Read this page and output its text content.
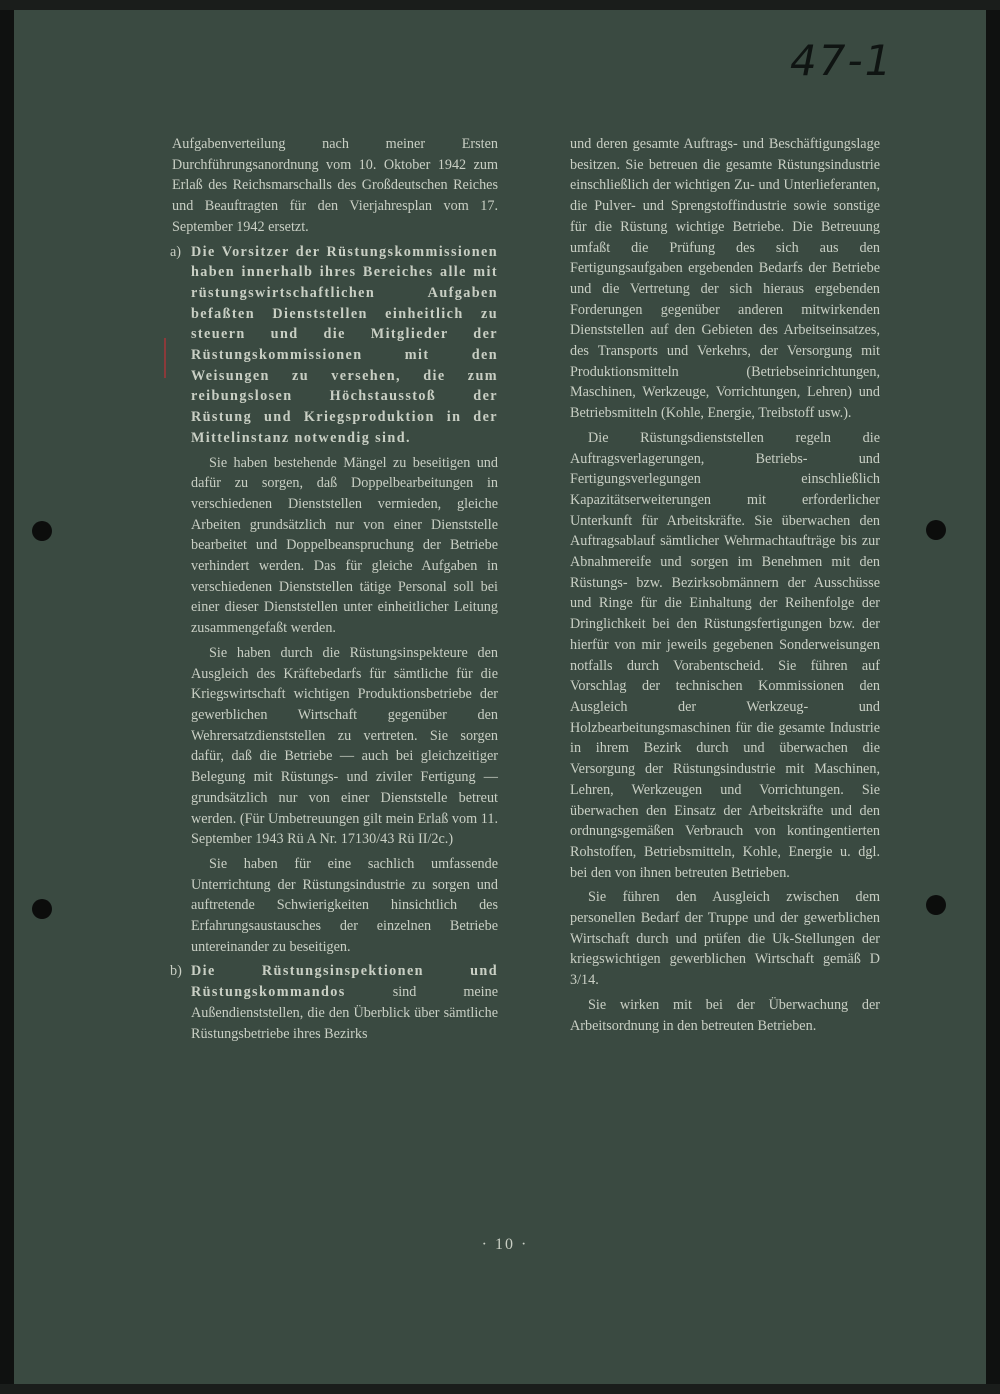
47-1

Aufgabenverteilung nach meiner Ersten Durchführungsanordnung vom 10. Oktober 1942 zum Erlaß des Reichsmarschalls des Großdeutschen Reiches und Beauftragten für den Vierjahresplan vom 17. September 1942 ersetzt.

a) Die Vorsitzer der Rüstungskommissionen haben innerhalb ihres Bereiches alle mit rüstungswirtschaftlichen Aufgaben befaßten Dienststellen einheitlich zu steuern und die Mitglieder der Rüstungskommissionen mit den Weisungen zu versehen, die zum reibungslosen Höchstausstoß der Rüstung und Kriegsproduktion in der Mittelinstanz notwendig sind.

Sie haben bestehende Mängel zu beseitigen und dafür zu sorgen, daß Doppelbearbeitungen in verschiedenen Dienststellen vermieden, gleiche Arbeiten grundsätzlich nur von einer Dienststelle bearbeitet und Doppelbeanspruchung der Betriebe verhindert werden. Das für gleiche Aufgaben in verschiedenen Dienststellen tätige Personal soll bei einer dieser Dienststellen unter einheitlicher Leitung zusammengefaßt werden.

Sie haben durch die Rüstungsinspekteure den Ausgleich des Kräftebedarfs für sämtliche für die Kriegswirtschaft wichtigen Produktionsbetriebe der gewerblichen Wirtschaft gegenüber den Wehrersatzdienststellen zu vertreten. Sie sorgen dafür, daß die Betriebe — auch bei gleichzeitiger Belegung mit Rüstungs- und ziviler Fertigung — grundsätzlich nur von einer Dienststelle betreut werden. (Für Umbetreuungen gilt mein Erlaß vom 11. September 1943 Rü A Nr. 17130/43 Rü II/2c.)

Sie haben für eine sachlich umfassende Unterrichtung der Rüstungsindustrie zu sorgen und auftretende Schwierigkeiten hinsichtlich des Erfahrungsaustausches der einzelnen Betriebe untereinander zu beseitigen.

b) Die Rüstungsinspektionen und Rüstungskommandos sind meine Außendienststellen, die den Überblick über sämtliche Rüstungsbetriebe ihres Bezirks

und deren gesamte Auftrags- und Beschäftigungslage besitzen. Sie betreuen die gesamte Rüstungsindustrie einschließlich der wichtigen Zu- und Unterlieferanten, die Pulver- und Sprengstoffindustrie sowie sonstige für die Rüstung wichtige Betriebe. Die Betreuung umfaßt die Prüfung des sich aus den Fertigungsaufgaben ergebenden Bedarfs der Betriebe und die Vertretung der sich hieraus ergebenden Forderungen gegenüber anderen mitwirkenden Dienststellen auf den Gebieten des Arbeitseinsatzes, des Transports und Verkehrs, der Versorgung mit Produktionsmitteln (Betriebseinrichtungen, Maschinen, Werkzeuge, Vorrichtungen, Lehren) und Betriebsmitteln (Kohle, Energie, Treibstoff usw.).

Die Rüstungsdienststellen regeln die Auftragsverlagerungen, Betriebs- und Fertigungsverlegungen einschließlich Kapazitätserweiterungen mit erforderlicher Unterkunft für Arbeitskräfte. Sie überwachen den Auftragsablauf sämtlicher Wehrmachtaufträge bis zur Abnahmereife und sorgen im Benehmen mit den Rüstungs- bzw. Bezirksobmännern der Ausschüsse und Ringe für die Einhaltung der Reihenfolge der Dringlichkeit bei den Rüstungsfertigungen bzw. der hierfür von mir jeweils gegebenen Sonderweisungen notfalls durch Vorabentscheid. Sie führen auf Vorschlag der technischen Kommissionen den Ausgleich der Werkzeug- und Holzbearbeitungsmaschinen für die gesamte Industrie in ihrem Bezirk durch und überwachen die Versorgung der Rüstungsindustrie mit Maschinen, Lehren, Werkzeugen und Vorrichtungen. Sie überwachen den Einsatz der Arbeitskräfte und den ordnungsgemäßen Verbrauch von kontingentierten Rohstoffen, Betriebsmitteln, Kohle, Energie u. dgl. bei den von ihnen betreuten Betrieben.

Sie führen den Ausgleich zwischen dem personellen Bedarf der Truppe und der gewerblichen Wirtschaft durch und prüfen die Uk-Stellungen der kriegswichtigen gewerblichen Wirtschaft gemäß D 3/14.

Sie wirken mit bei der Überwachung der Arbeitsordnung in den betreuten Betrieben.

· 10 ·
